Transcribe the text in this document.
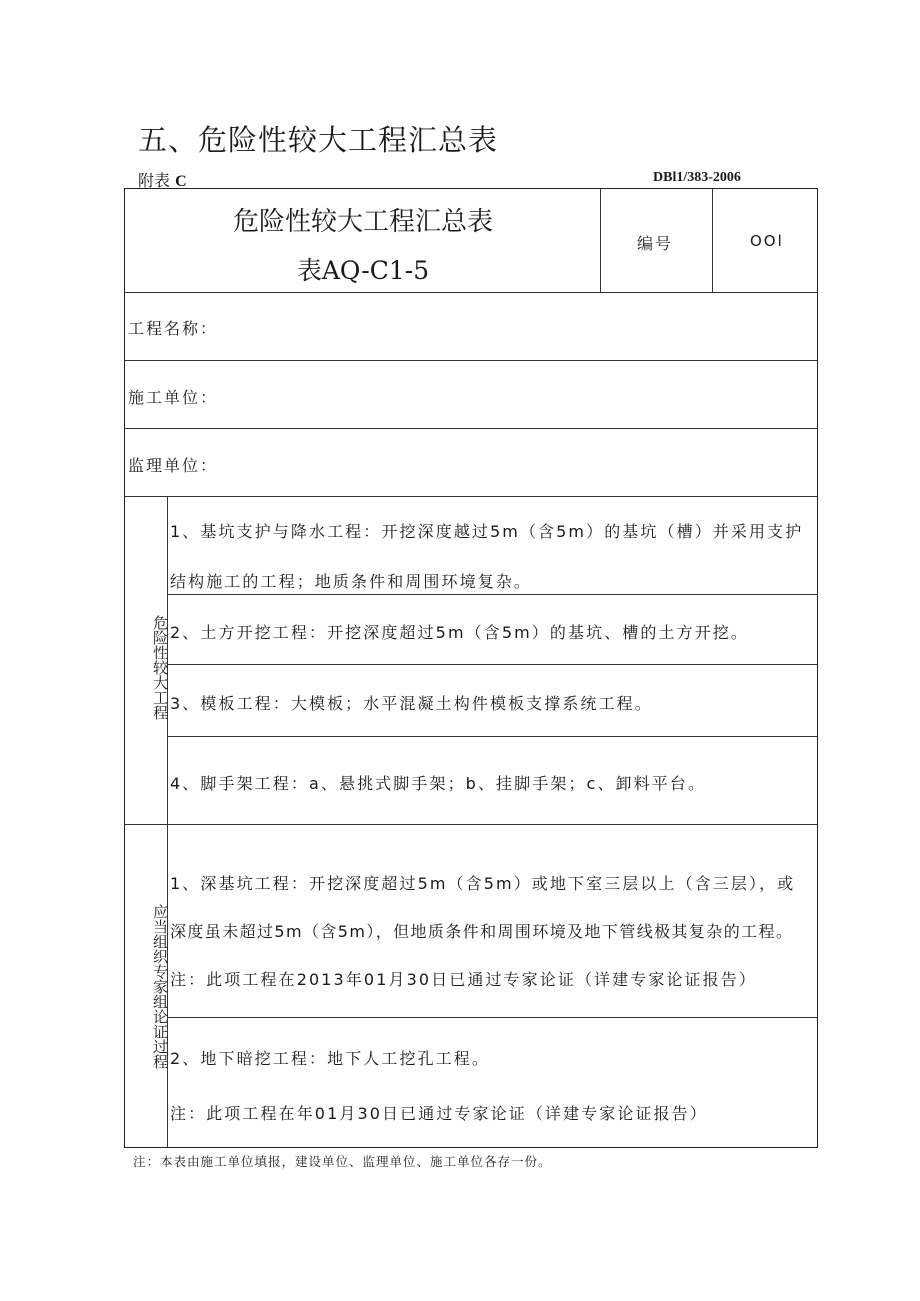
五、危险性较大工程汇总表
附表 C	DBl1/383-2006
危险性较大工程汇总表
表AQ-C1-5
编号	OOl
工程名称：
施工单位：
监理单位：
危险性较大工程
1、基坑支护与降水工程：开挖深度越过5m（含5m）的基坑（槽）并采用支护
结构施工的工程；地质条件和周围环境复杂。
2、土方开挖工程：开挖深度超过5m（含5m）的基坑、槽的土方开挖。
3、模板工程：大模板；水平混凝土构件模板支撑系统工程。
4、脚手架工程：a、悬挑式脚手架；b、挂脚手架；c、卸料平台。
应当组织专家组论证过程
1、深基坑工程：开挖深度超过5m（含5m）或地下室三层以上（含三层），或
深度虽未超过5m（含5m），但地质条件和周围环境及地下管线极其复杂的工程。
注：此项工程在2013年01月30日已通过专家论证（详建专家论证报告）
2、地下暗挖工程：地下人工挖孔工程。
注：此项工程在年01月30日已通过专家论证（详建专家论证报告）
注：本表由施工单位填报，建设单位、监理单位、施工单位各存一份。
